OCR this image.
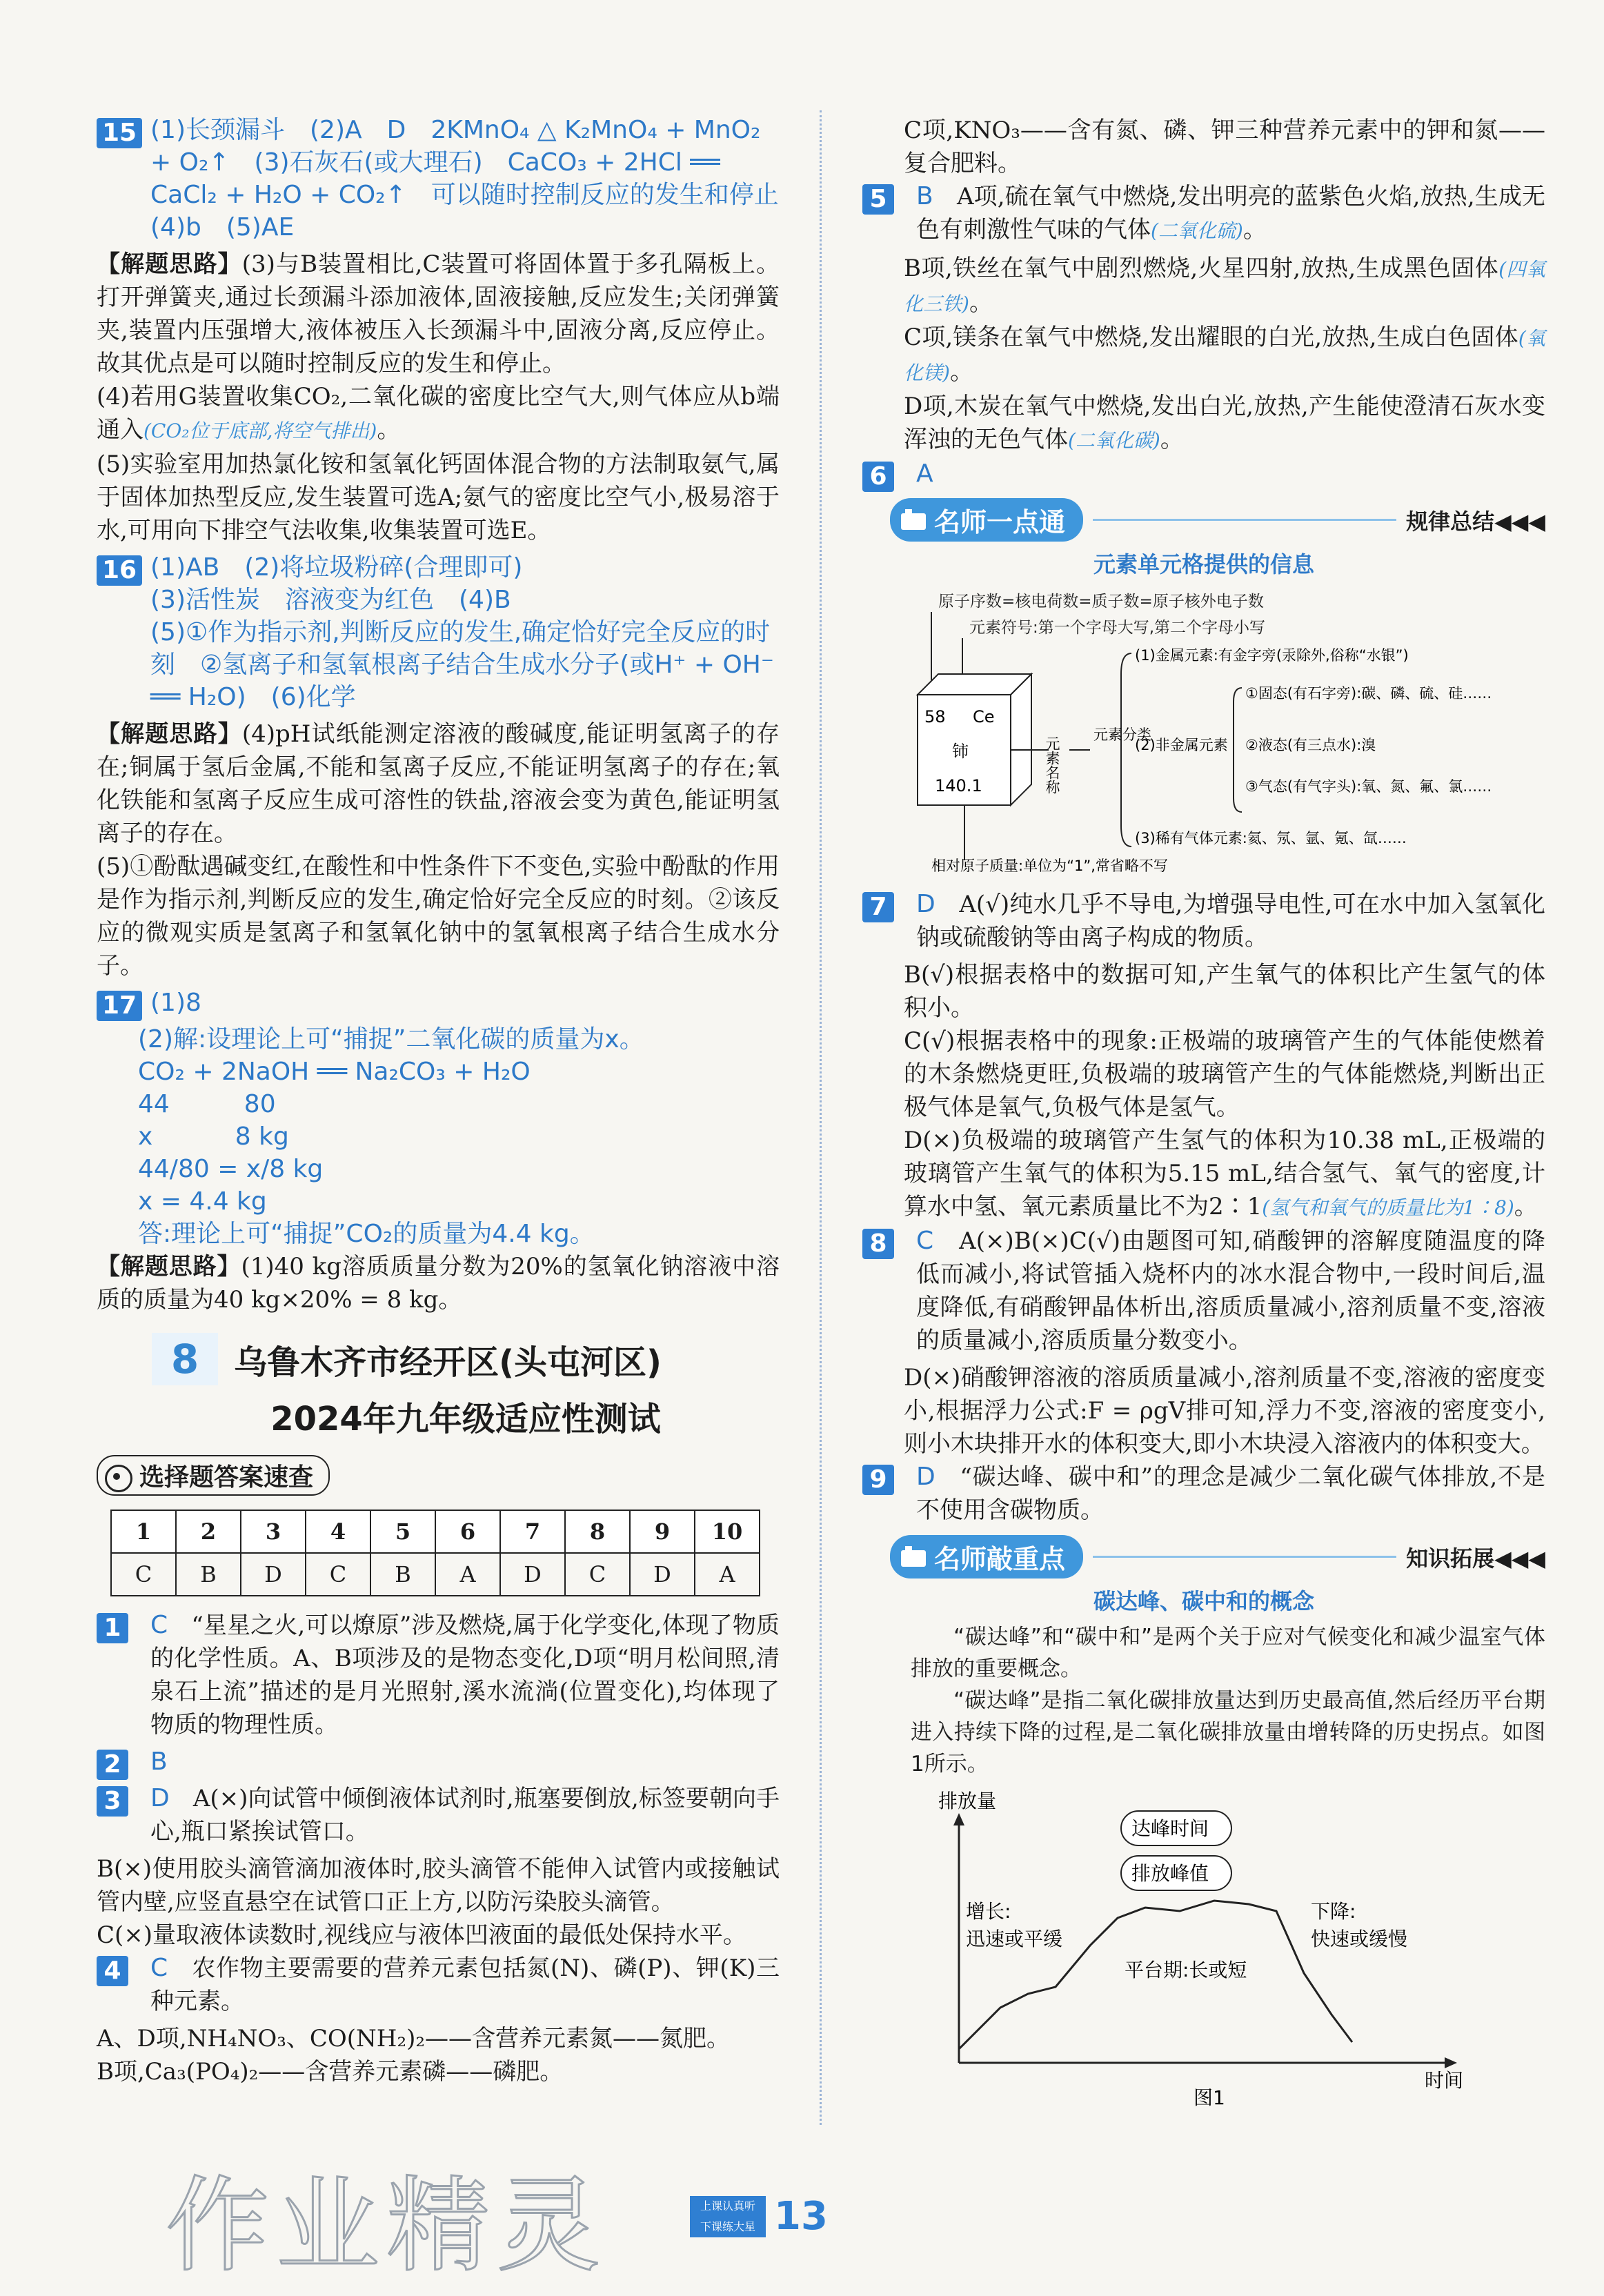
15 (1)长颈漏斗　(2)A　D　2KMnO₄ △ K₂MnO₄ + MnO₂ + O₂↑　(3)石灰石(或大理石)　CaCO₃ + 2HCl ══ CaCl₂ + H₂O + CO₂↑　可以随时控制反应的发生和停止　(4)b　(5)AE

【解题思路】(3)与B装置相比,C装置可将固体置于多孔隔板上。打开弹簧夹,通过长颈漏斗添加液体,固液接触,反应发生;关闭弹簧夹,装置内压强增大,液体被压入长颈漏斗中,固液分离,反应停止。故其优点是可以随时控制反应的发生和停止。

(4)若用G装置收集CO₂,二氧化碳的密度比空气大,则气体应从b端通入(CO₂位于底部,将空气排出)。

(5)实验室用加热氯化铵和氢氧化钙固体混合物的方法制取氨气,属于固体加热型反应,发生装置可选A;氨气的密度比空气小,极易溶于水,可用向下排空气法收集,收集装置可选E。

16 (1)AB　(2)将垃圾粉碎(合理即可)

(3)活性炭　溶液变为红色　(4)B

(5)①作为指示剂,判断反应的发生,确定恰好完全反应的时刻　②氢离子和氢氧根离子结合生成水分子(或H⁺ + OH⁻ ══ H₂O)　(6)化学

【解题思路】(4)pH试纸能测定溶液的酸碱度,能证明氢离子的存在;铜属于氢后金属,不能和氢离子反应,不能证明氢离子的存在;氧化铁能和氢离子反应生成可溶性的铁盐,溶液会变为黄色,能证明氢离子的存在。

(5)①酚酞遇碱变红,在酸性和中性条件下不变色,实验中酚酞的作用是作为指示剂,判断反应的发生,确定恰好完全反应的时刻。②该反应的微观实质是氢离子和氢氧化钠中的氢氧根离子结合生成水分子。

17 (1)8

(2)解:设理论上可“捕捉”二氧化碳的质量为x。

CO₂ + 2NaOH ══ Na₂CO₃ + H₂O

44　　　80

x　　　 8 kg

44/80 = x/8 kg

x = 4.4 kg

答:理论上可“捕捉”CO₂的质量为4.4 kg。

【解题思路】(1)40 kg溶质质量分数为20%的氢氧化钠溶液中溶质的质量为40 kg×20% = 8 kg。

8 乌鲁木齐市经开区(头屯河区)
2024年九年级适应性测试
选择题答案速查
1	2	3	4	5	6	7	8	9	10
C	B	D	C	B	A	D	C	D	A
1 C　 “星星之火,可以燎原”涉及燃烧,属于化学变化,体现了物质的化学性质。A、B项涉及的是物态变化,D项“明月松间照,清泉石上流”描述的是月光照射,溪水流淌(位置变化),均体现了物质的物理性质。

2 B

3 D　 A(×)向试管中倾倒液体试剂时,瓶塞要倒放,标签要朝向手心,瓶口紧挨试管口。

B(×)使用胶头滴管滴加液体时,胶头滴管不能伸入试管内或接触试管内壁,应竖直悬空在试管口正上方,以防污染胶头滴管。

C(×)量取液体读数时,视线应与液体凹液面的最低处保持水平。

4 C　 农作物主要需要的营养元素包括氮(N)、磷(P)、钾(K)三种元素。

A、D项,NH₄NO₃、CO(NH₂)₂——含营养元素氮——氮肥。

B项,Ca₃(PO₄)₂——含营养元素磷——磷肥。

C项,KNO₃——含有氮、磷、钾三种营养元素中的钾和氮——复合肥料。

5 B　 A项,硫在氧气中燃烧,发出明亮的蓝紫色火焰,放热,生成无色有刺激性气味的气体(二氧化硫)。

B项,铁丝在氧气中剧烈燃烧,火星四射,放热,生成黑色固体(四氧化三铁)。

C项,镁条在氧气中燃烧,发出耀眼的白光,放热,生成白色固体(氧化镁)。

D项,木炭在氧气中燃烧,发出白光,放热,产生能使澄清石灰水变浑浊的无色气体(二氧化碳)。

6 A

名师一点通	规律总结◀◀◀
元素单元格提供的信息
原子序数=核电荷数=质子数=原子核外电子数
元素符号:第一个字母大写,第二个字母小写
58 Ce
铈
140.1
相对原子质量:单位为“1”,常省略不写
元素名称
元素分类
(1)金属元素:有金字旁(汞除外,俗称“水银”)
(2)非金属元素
①固态(有石字旁):碳、磷、硫、硅……
②液态(有三点水):溴
③气态(有气字头):氧、氮、氟、氯……
(3)稀有气体元素:氦、氖、氩、氪、氙……
7 D　 A(√)纯水几乎不导电,为增强导电性,可在水中加入氢氧化钠或硫酸钠等由离子构成的物质。

B(√)根据表格中的数据可知,产生氧气的体积比产生氢气的体积小。

C(√)根据表格中的现象:正极端的玻璃管产生的气体能使燃着的木条燃烧更旺,负极端的玻璃管产生的气体能燃烧,判断出正极气体是氧气,负极气体是氢气。

D(×)负极端的玻璃管产生氢气的体积为10.38 mL,正极端的玻璃管产生氧气的体积为5.15 mL,结合氢气、氧气的密度,计算水中氢、氧元素质量比不为2∶1(氢气和氧气的质量比为1∶8)。

8 C　 A(×)B(×)C(√)由题图可知,硝酸钾的溶解度随温度的降低而减小,将试管插入烧杯内的冰水混合物中,一段时间后,温度降低,有硝酸钾晶体析出,溶质质量减小,溶剂质量不变,溶液的质量减小,溶质质量分数变小。

D(×)硝酸钾溶液的溶质质量减小,溶剂质量不变,溶液的密度变小,根据浮力公式:F = ρgV排可知,浮力不变,溶液的密度变小,则小木块排开水的体积变大,即小木块浸入溶液内的体积变大。

9 D　 “碳达峰、碳中和”的理念是减少二氧化碳气体排放,不是不使用含碳物质。

名师敲重点	知识拓展◀◀◀
碳达峰、碳中和的概念

“碳达峰”和“碳中和”是两个关于应对气候变化和减少温室气体排放的重要概念。

“碳达峰”是指二氧化碳排放量达到历史最高值,然后经历平台期进入持续下降的过程,是二氧化碳排放量由增转降的历史拐点。如图1所示。

排放量
时间
达峰时间
排放峰值
增长:
迅速或平缓
下降:
快速或缓慢
平台期:长或短
图1
作业精灵	上课认真听
下课练大星 13
